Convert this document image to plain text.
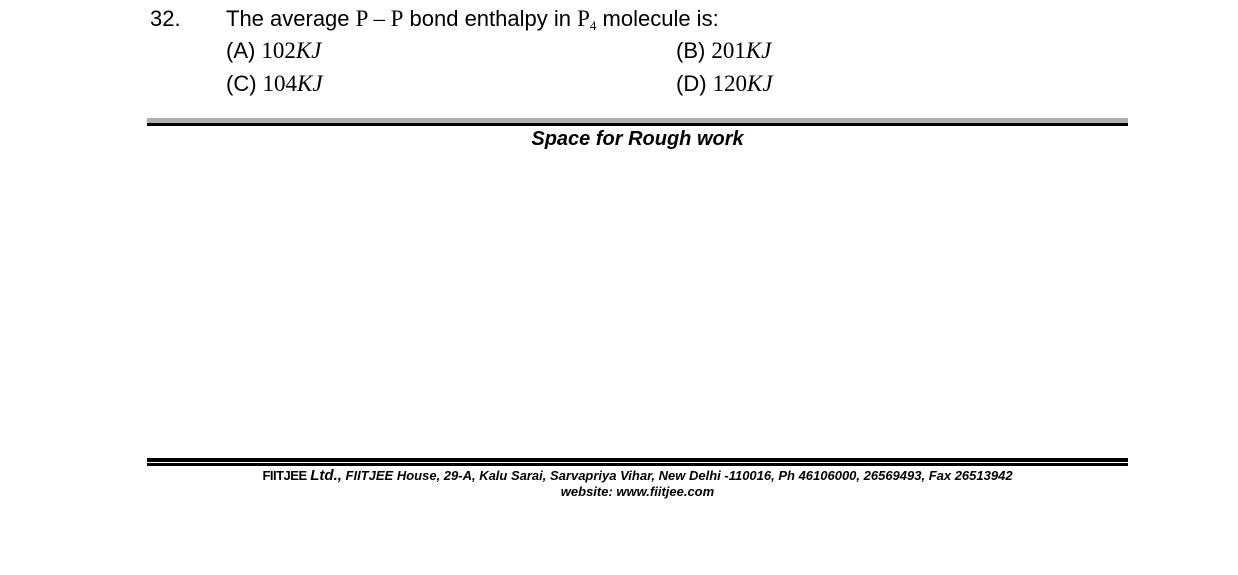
32. The average P – P bond enthalpy in $P_4$ molecule is:
(A) 102KJ	(B) 201KJ
(C) 104KJ	(D) 120KJ
Space for Rough work
FIITJEE Ltd., FIITJEE House, 29-A, Kalu Sarai, Sarvapriya Vihar, New Delhi -110016, Ph 46106000, 26569493, Fax 26513942
website: www.fiitjee.com
